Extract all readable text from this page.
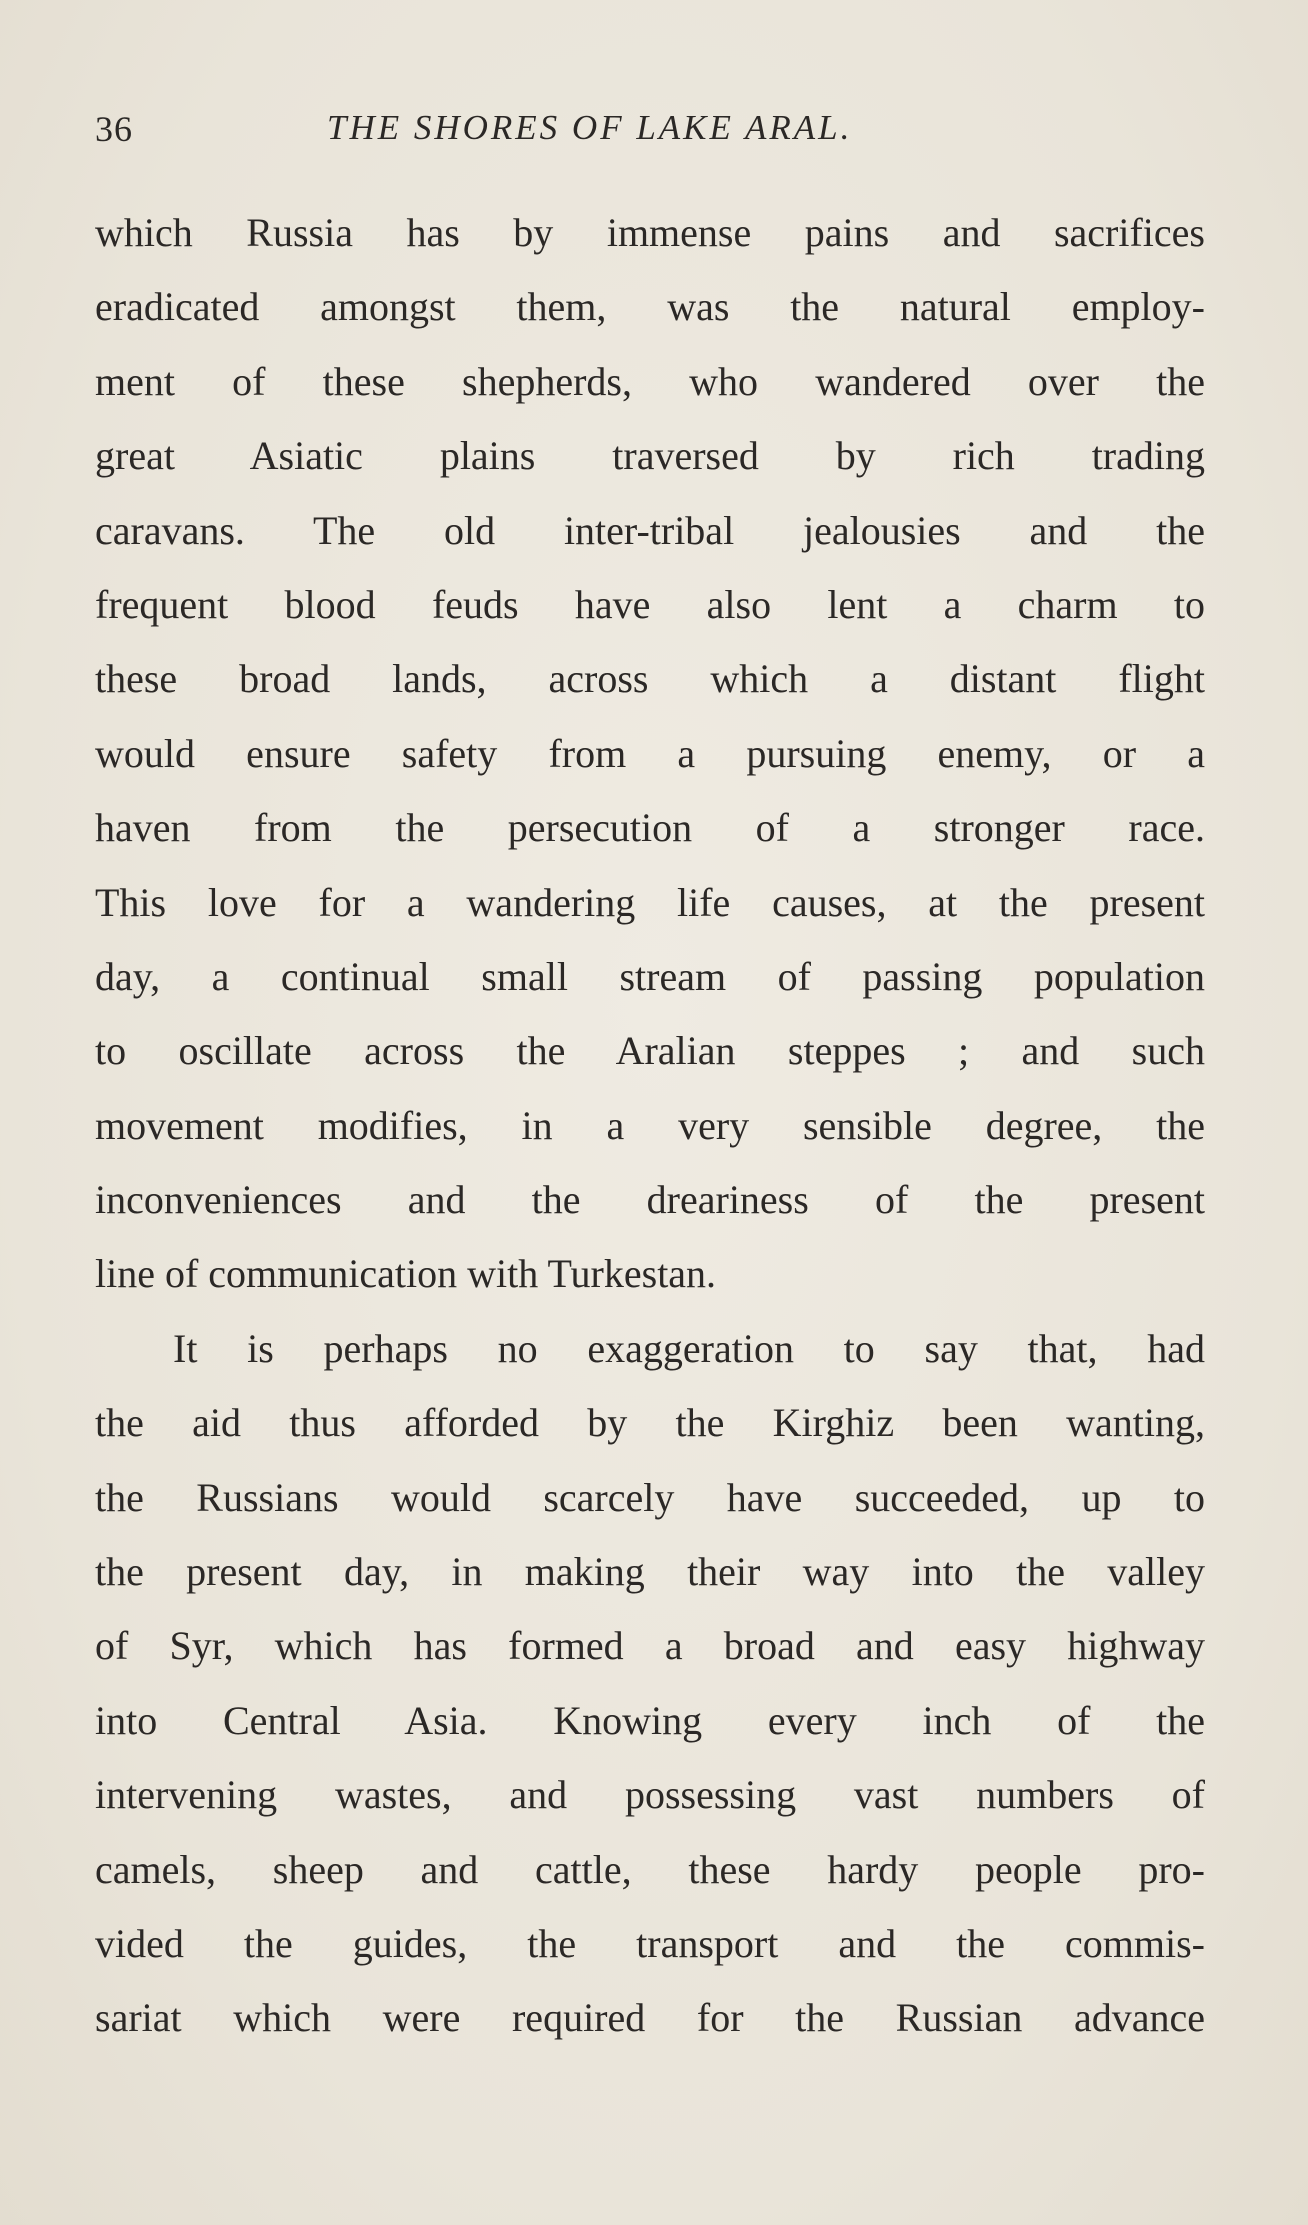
36	THE SHORES OF LAKE ARAL.
which Russia has by immense pains and sacrifices
eradicated amongst them, was the natural employ-
ment of these shepherds, who wandered over the
great Asiatic plains traversed by rich trading
caravans. The old inter-tribal jealousies and the
frequent blood feuds have also lent a charm to
these broad lands, across which a distant flight
would ensure safety from a pursuing enemy, or a
haven from the persecution of a stronger race.
This love for a wandering life causes, at the present
day, a continual small stream of passing population
to oscillate across the Aralian steppes ; and such
movement modifies, in a very sensible degree, the
inconveniences and the dreariness of the present
line of communication with Turkestan.
It is perhaps no exaggeration to say that, had
the aid thus afforded by the Kirghiz been wanting,
the Russians would scarcely have succeeded, up to
the present day, in making their way into the valley
of Syr, which has formed a broad and easy highway
into Central Asia. Knowing every inch of the
intervening wastes, and possessing vast numbers of
camels, sheep and cattle, these hardy people pro-
vided the guides, the transport and the commis-
sariat which were required for the Russian advance
